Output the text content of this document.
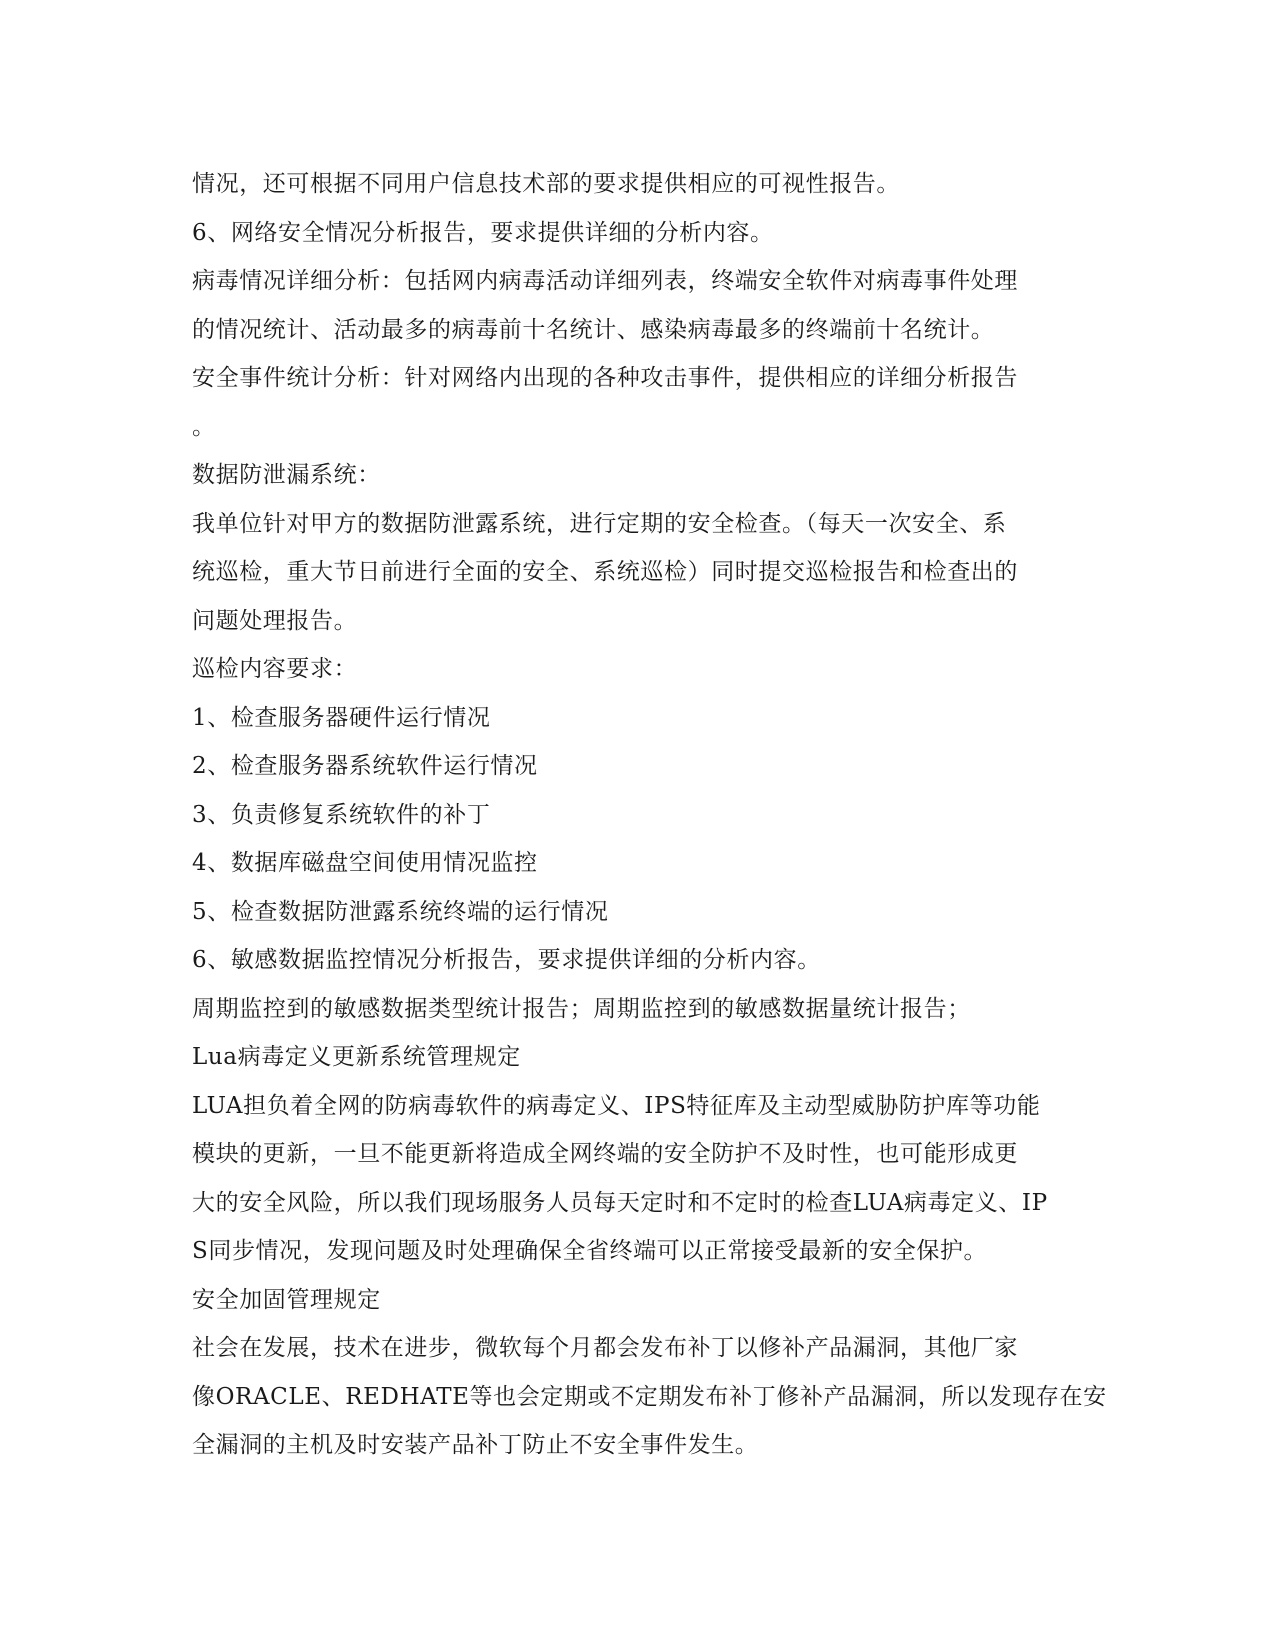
情况，还可根据不同用户信息技术部的要求提供相应的可视性报告。
6、网络安全情况分析报告，要求提供详细的分析内容。
病毒情况详细分析：包括网内病毒活动详细列表，终端安全软件对病毒事件处理
的情况统计、活动最多的病毒前十名统计、感染病毒最多的终端前十名统计。
安全事件统计分析：针对网络内出现的各种攻击事件，提供相应的详细分析报告
。
数据防泄漏系统：
我单位针对甲方的数据防泄露系统，进行定期的安全检查。（每天一次安全、系
统巡检，重大节日前进行全面的安全、系统巡检）同时提交巡检报告和检查出的
问题处理报告。
巡检内容要求：
1、检查服务器硬件运行情况
2、检查服务器系统软件运行情况
3、负责修复系统软件的补丁
4、数据库磁盘空间使用情况监控
5、检查数据防泄露系统终端的运行情况
6、敏感数据监控情况分析报告，要求提供详细的分析内容。
周期监控到的敏感数据类型统计报告；周期监控到的敏感数据量统计报告；
Lua病毒定义更新系统管理规定
LUA担负着全网的防病毒软件的病毒定义、IPS特征库及主动型威胁防护库等功能
模块的更新，一旦不能更新将造成全网终端的安全防护不及时性，也可能形成更
大的安全风险，所以我们现场服务人员每天定时和不定时的检查LUA病毒定义、IP
S同步情况，发现问题及时处理确保全省终端可以正常接受最新的安全保护。
安全加固管理规定
社会在发展，技术在进步，微软每个月都会发布补丁以修补产品漏洞，其他厂家
像ORACLE、REDHATE等也会定期或不定期发布补丁修补产品漏洞，所以发现存在安
全漏洞的主机及时安装产品补丁防止不安全事件发生。
